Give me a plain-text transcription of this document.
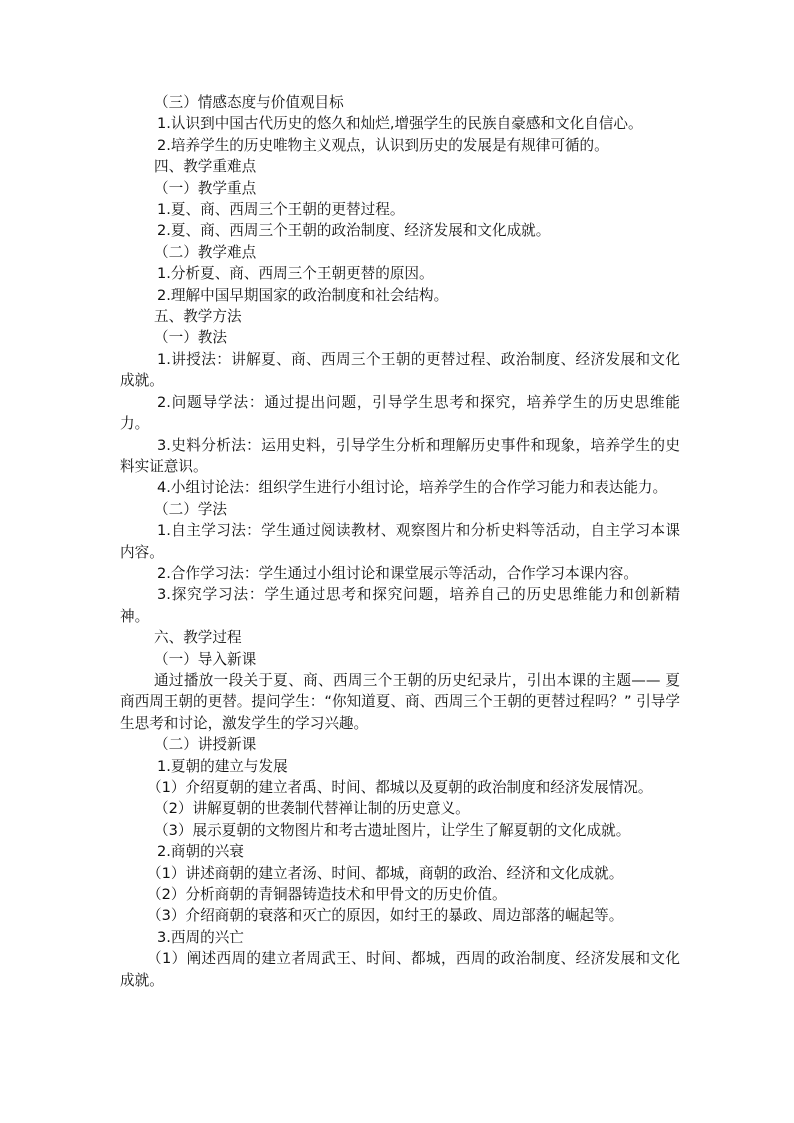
（三）情感态度与价值观目标

1.认识到中国古代历史的悠久和灿烂,增强学生的民族自豪感和文化自信心。

2.培养学生的历史唯物主义观点，认识到历史的发展是有规律可循的。

四、教学重难点

（一）教学重点

1.夏、商、西周三个王朝的更替过程。

2.夏、商、西周三个王朝的政治制度、经济发展和文化成就。

（二）教学难点

1.分析夏、商、西周三个王朝更替的原因。

2.理解中国早期国家的政治制度和社会结构。

五、教学方法

（一）教法

1.讲授法：讲解夏、商、西周三个王朝的更替过程、政治制度、经济发展和文化成就。

2.问题导学法：通过提出问题，引导学生思考和探究，培养学生的历史思维能力。

3.史料分析法：运用史料，引导学生分析和理解历史事件和现象，培养学生的史料实证意识。

4.小组讨论法：组织学生进行小组讨论，培养学生的合作学习能力和表达能力。

（二）学法

1.自主学习法：学生通过阅读教材、观察图片和分析史料等活动，自主学习本课内容。

2.合作学习法：学生通过小组讨论和课堂展示等活动，合作学习本课内容。

3.探究学习法：学生通过思考和探究问题，培养自己的历史思维能力和创新精神。

六、教学过程

（一）导入新课

通过播放一段关于夏、商、西周三个王朝的历史纪录片，引出本课的主题—— 夏商西周王朝的更替。提问学生：“你知道夏、商、西周三个王朝的更替过程吗？” 引导学生思考和讨论，激发学生的学习兴趣。

（二）讲授新课

1.夏朝的建立与发展

（1）介绍夏朝的建立者禹、时间、都城以及夏朝的政治制度和经济发展情况。

（2）讲解夏朝的世袭制代替禅让制的历史意义。

（3）展示夏朝的文物图片和考古遗址图片，让学生了解夏朝的文化成就。

2.商朝的兴衰

（1）讲述商朝的建立者汤、时间、都城，商朝的政治、经济和文化成就。

（2）分析商朝的青铜器铸造技术和甲骨文的历史价值。

（3）介绍商朝的衰落和灭亡的原因，如纣王的暴政、周边部落的崛起等。

3.西周的兴亡

（1）阐述西周的建立者周武王、时间、都城，西周的政治制度、经济发展和文化成就。
